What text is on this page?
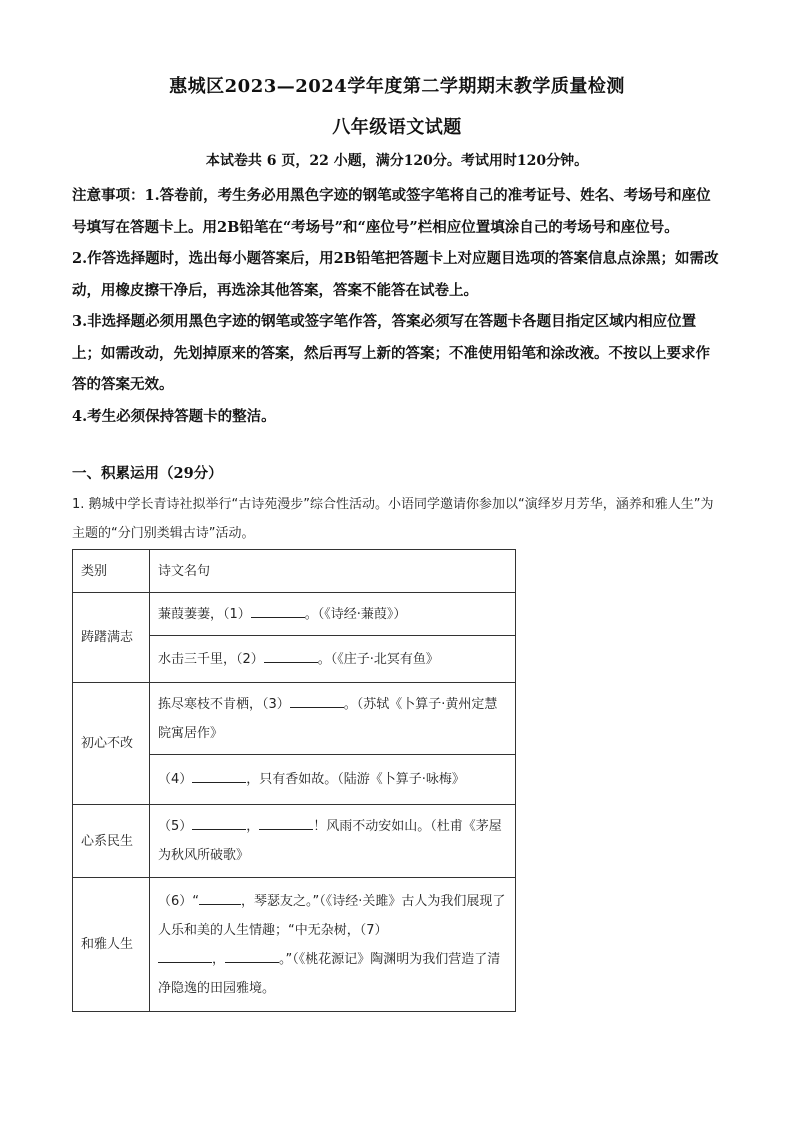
惠城区2023—2024学年度第二学期期末教学质量检测
八年级语文试题
本试卷共 6 页，22 小题，满分120分。考试用时120分钟。

注意事项：1.答卷前，考生务必用黑色字迹的钢笔或签字笔将自己的准考证号、姓名、考场号和座位号填写在答题卡上。用2B铅笔在“考场号”和“座位号”栏相应位置填涂自己的考场号和座位号。

2.作答选择题时，选出每小题答案后，用2B铅笔把答题卡上对应题目选项的答案信息点涂黑；如需改动，用橡皮擦干净后，再选涂其他答案，答案不能答在试卷上。

3.非选择题必须用黑色字迹的钢笔或签字笔作答，答案必须写在答题卡各题目指定区域内相应位置上；如需改动，先划掉原来的答案，然后再写上新的答案；不准使用铅笔和涂改液。不按以上要求作答的答案无效。

4.考生必须保持答题卡的整洁。

一、积累运用（29分）
1. 鹅城中学长青诗社拟举行“古诗苑漫步”综合性活动。小语同学邀请你参加以“演绎岁月芳华，涵养和雅人生”为主题的“分门别类辑古诗”活动。
类别	诗文名句
踌躇满志	蒹葭萋萋，（1） 。（《诗经·蒹葭》）
	水击三千里，（2） 。（《庄子·北冥有鱼》
初心不改	拣尽寒枝不肯栖，（3） 。（苏轼《卜算子·黄州定慧院寓居作》
	（4） ，只有香如故。（陆游《卜算子·咏梅》
心系民生	（5） ， ！风雨不动安如山。（杜甫《茅屋为秋风所破歌》
和雅人生	（6）“ ，琴瑟友之。”（《诗经·关雎》古人为我们展现了人乐和美的人生情趣；“中无杂树，（7）
， 。”（《桃花源记》陶渊明为我们营造了清净隐逸的田园雅境。
